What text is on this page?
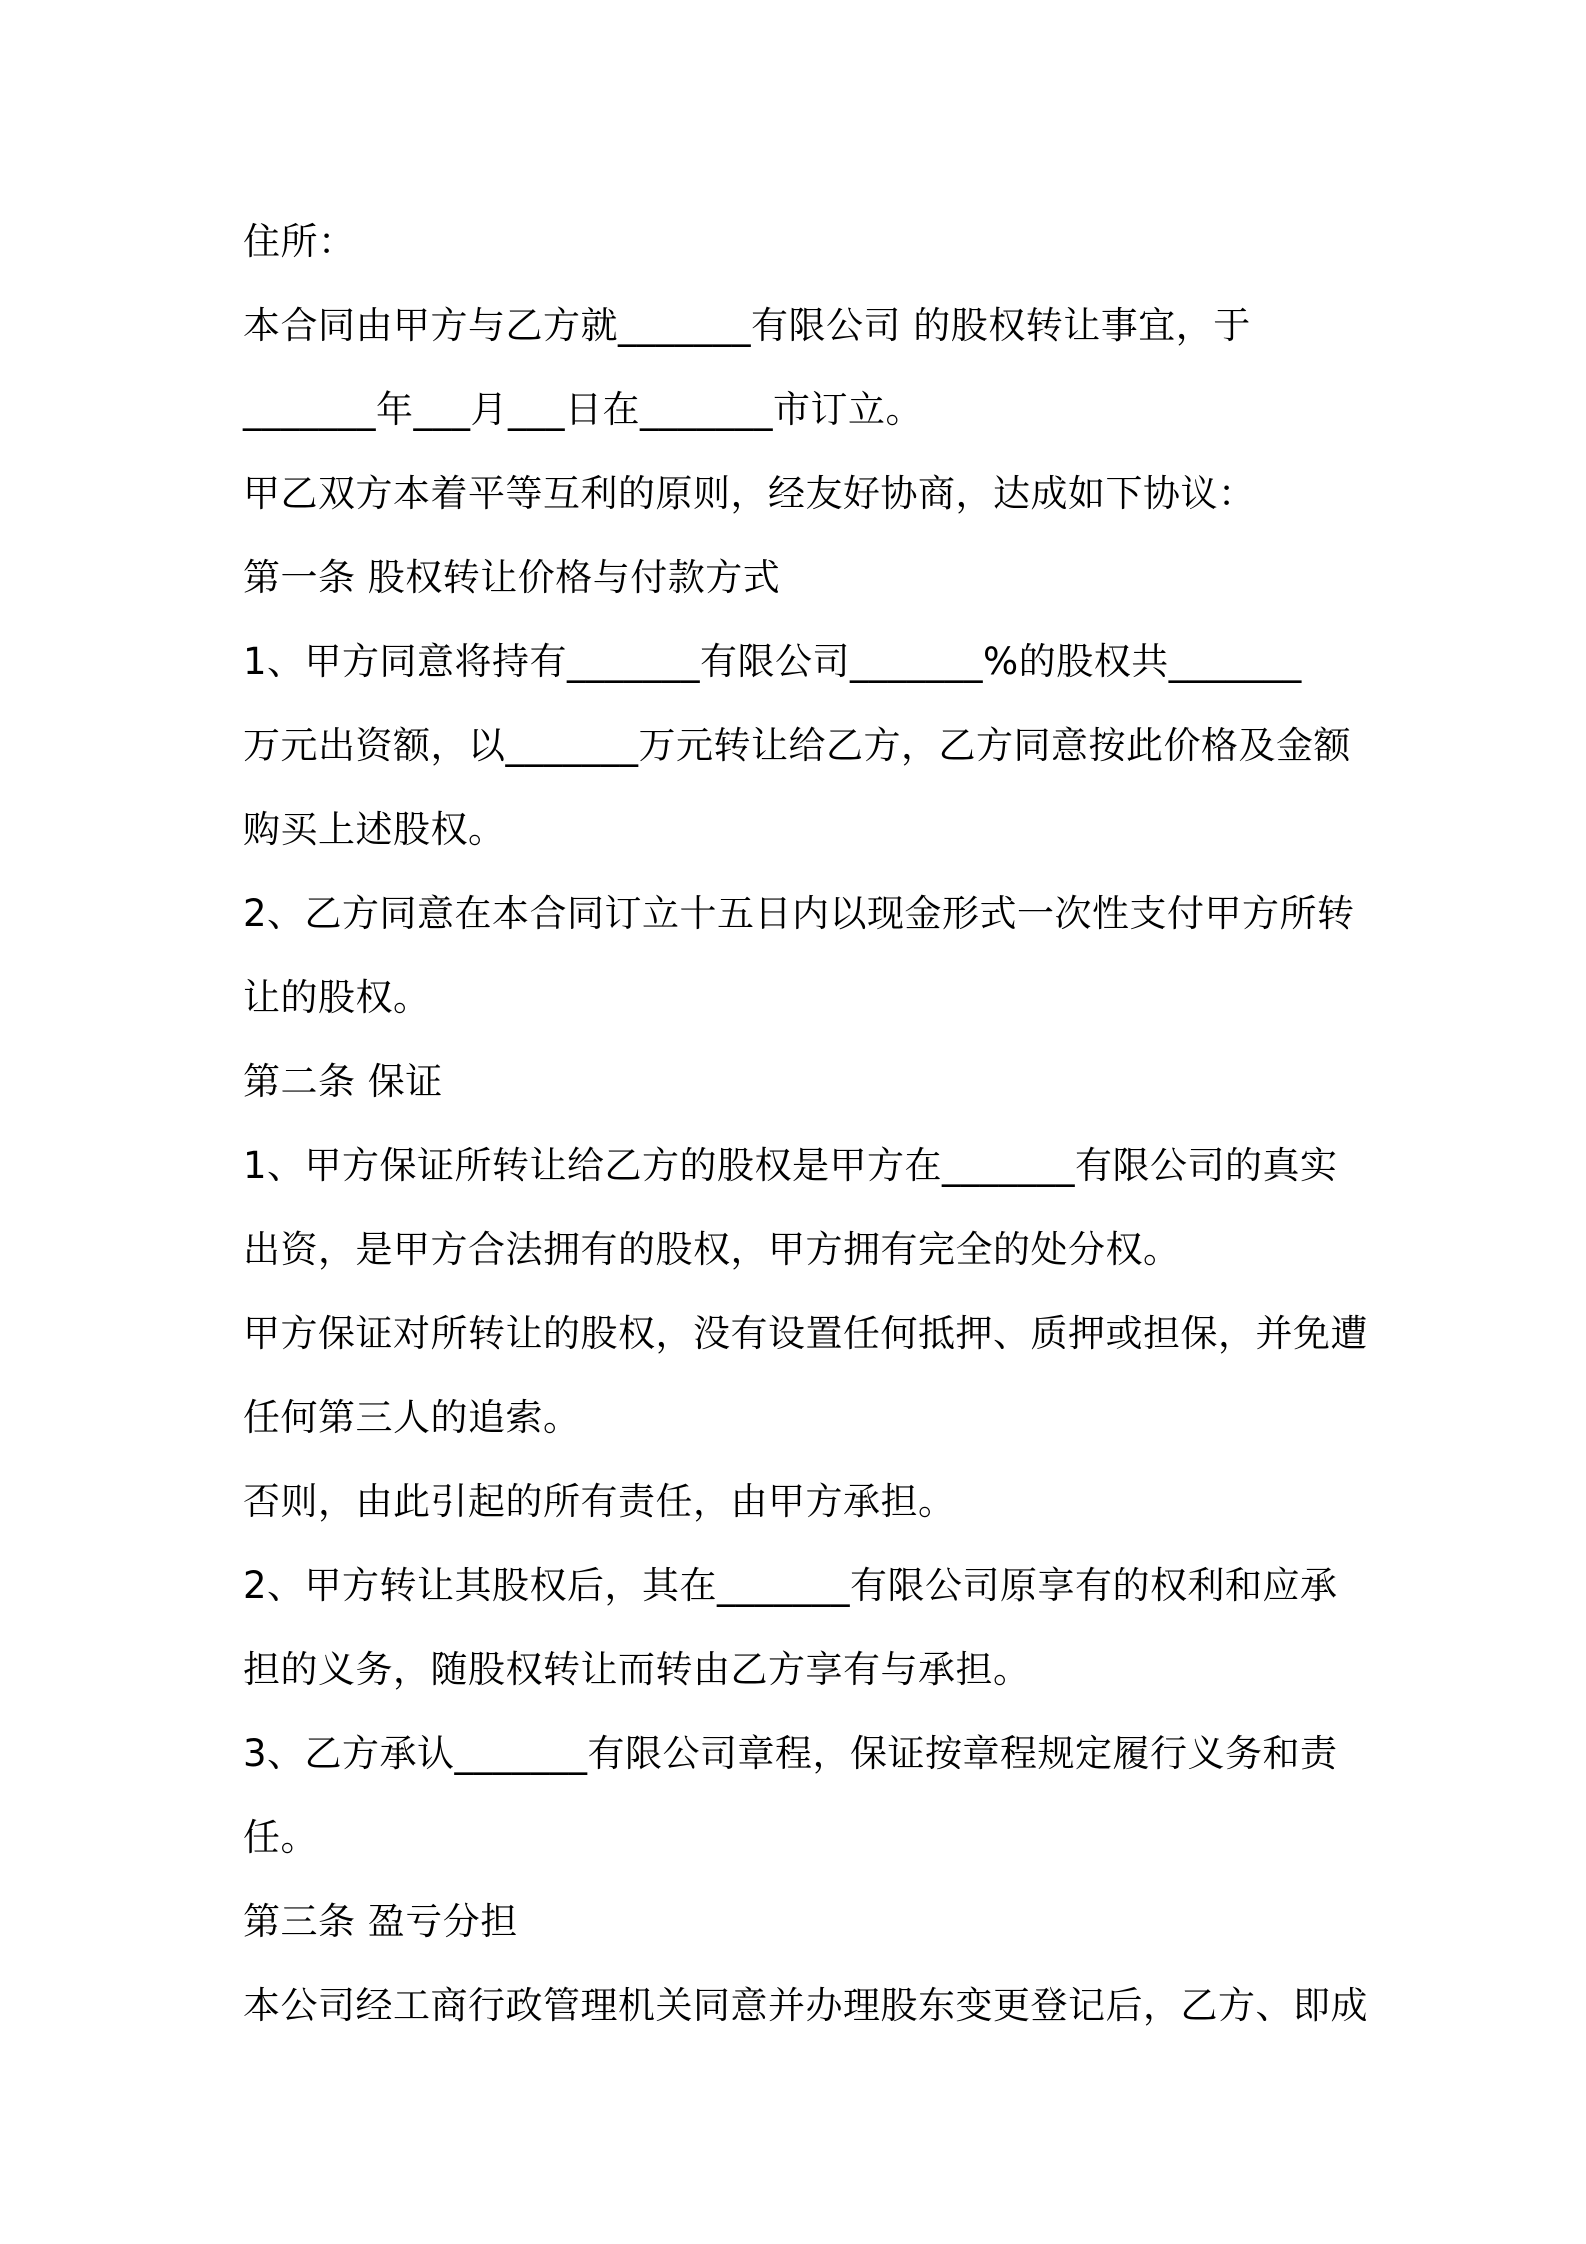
住所：
本合同由甲方与乙方就_______有限公司 的股权转让事宜，于
_______年___月___日在_______市订立。
甲乙双方本着平等互利的原则，经友好协商，达成如下协议：
第一条 股权转让价格与付款方式
1、甲方同意将持有_______有限公司_______%的股权共_______
万元出资额，以_______万元转让给乙方，乙方同意按此价格及金额
购买上述股权。
2、乙方同意在本合同订立十五日内以现金形式一次性支付甲方所转
让的股权。
第二条 保证
1、甲方保证所转让给乙方的股权是甲方在_______有限公司的真实
出资，是甲方合法拥有的股权，甲方拥有完全的处分权。
甲方保证对所转让的股权，没有设置任何抵押、质押或担保，并免遭
任何第三人的追索。
否则，由此引起的所有责任，由甲方承担。
2、甲方转让其股权后，其在_______有限公司原享有的权利和应承
担的义务，随股权转让而转由乙方享有与承担。
3、乙方承认_______有限公司章程，保证按章程规定履行义务和责
任。
第三条 盈亏分担
本公司经工商行政管理机关同意并办理股东变更登记后，乙方、即成
